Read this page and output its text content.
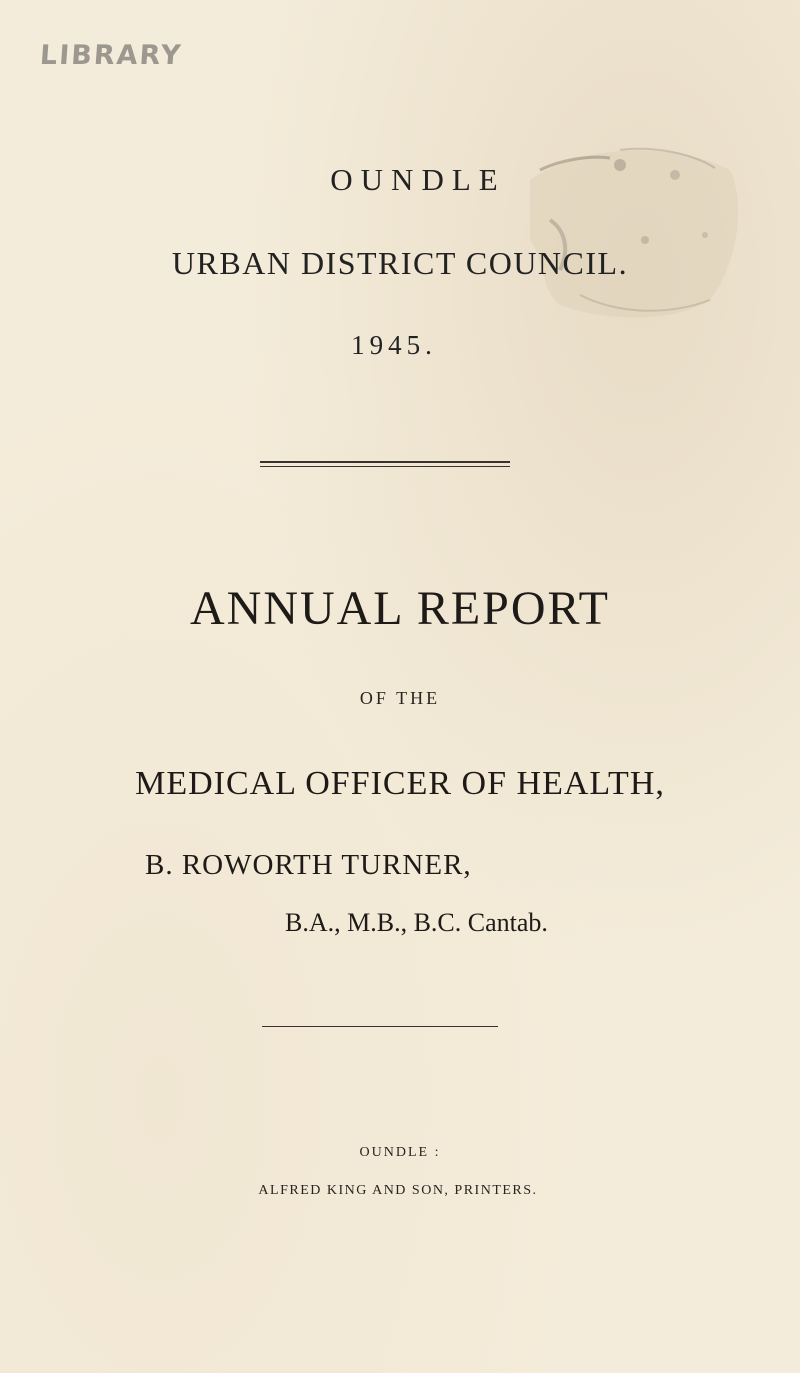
LIBRARY
OUNDLE
URBAN DISTRICT COUNCIL.
1945.
ANNUAL REPORT
OF THE
MEDICAL OFFICER OF HEALTH,
B. ROWORTH TURNER,
B.A., M.B., B.C. Cantab.
OUNDLE :
ALFRED KING AND SON, PRINTERS.
